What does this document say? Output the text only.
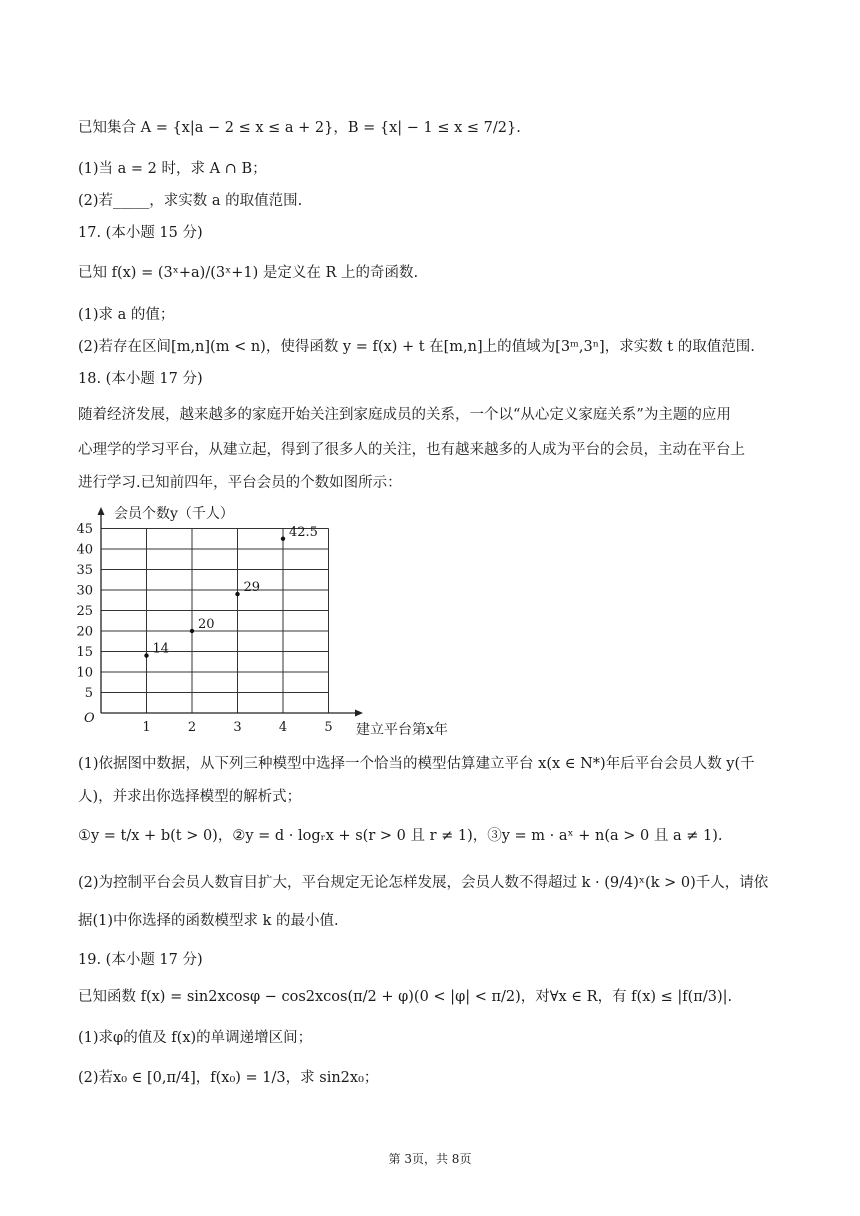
已知集合 A = {x|a − 2 ≤ x ≤ a + 2}，B = {x| − 1 ≤ x ≤ 7/2}.
(1)当 a = 2 时，求 A ∩ B；
(2)若_____，求实数 a 的取值范围.
17. (本小题 15 分)
已知 f(x) = (3ˣ+a)/(3ˣ+1) 是定义在 R 上的奇函数.
(1)求 a 的值；
(2)若存在区间[m,n](m < n)，使得函数 y = f(x) + t 在[m,n]上的值域为[3ᵐ,3ⁿ]，求实数 t 的取值范围.
18. (本小题 17 分)
随着经济发展，越来越多的家庭开始关注到家庭成员的关系，一个以“从心定义家庭关系”为主题的应用
心理学的学习平台，从建立起，得到了很多人的关注，也有越来越多的人成为平台的会员，主动在平台上
进行学习.已知前四年，平台会员的个数如图所示：
1	2	3	4	5
5
10
15
20
25
30
35
40
45
14
20
29
42.5
会员个数y（千人）
建立平台第x年
O
(1)依据图中数据，从下列三种模型中选择一个恰当的模型估算建立平台 x(x ∈ N*)年后平台会员人数 y(千
人)，并求出你选择模型的解析式；
①y = t/x + b(t > 0)，②y = d · logᵣx + s(r > 0 且 r ≠ 1)，③y = m · aˣ + n(a > 0 且 a ≠ 1).
(2)为控制平台会员人数盲目扩大，平台规定无论怎样发展，会员人数不得超过 k · (9/4)ˣ(k > 0)千人，请依
据(1)中你选择的函数模型求 k 的最小值.
19. (本小题 17 分)
已知函数 f(x) = sin2xcosφ − cos2xcos(π/2 + φ)(0 < |φ| < π/2)，对∀x ∈ R，有 f(x) ≤ |f(π/3)|.
(1)求φ的值及 f(x)的单调递增区间；
(2)若x₀ ∈ [0,π/4]，f(x₀) = 1/3，求 sin2x₀；
第 3页，共 8页
